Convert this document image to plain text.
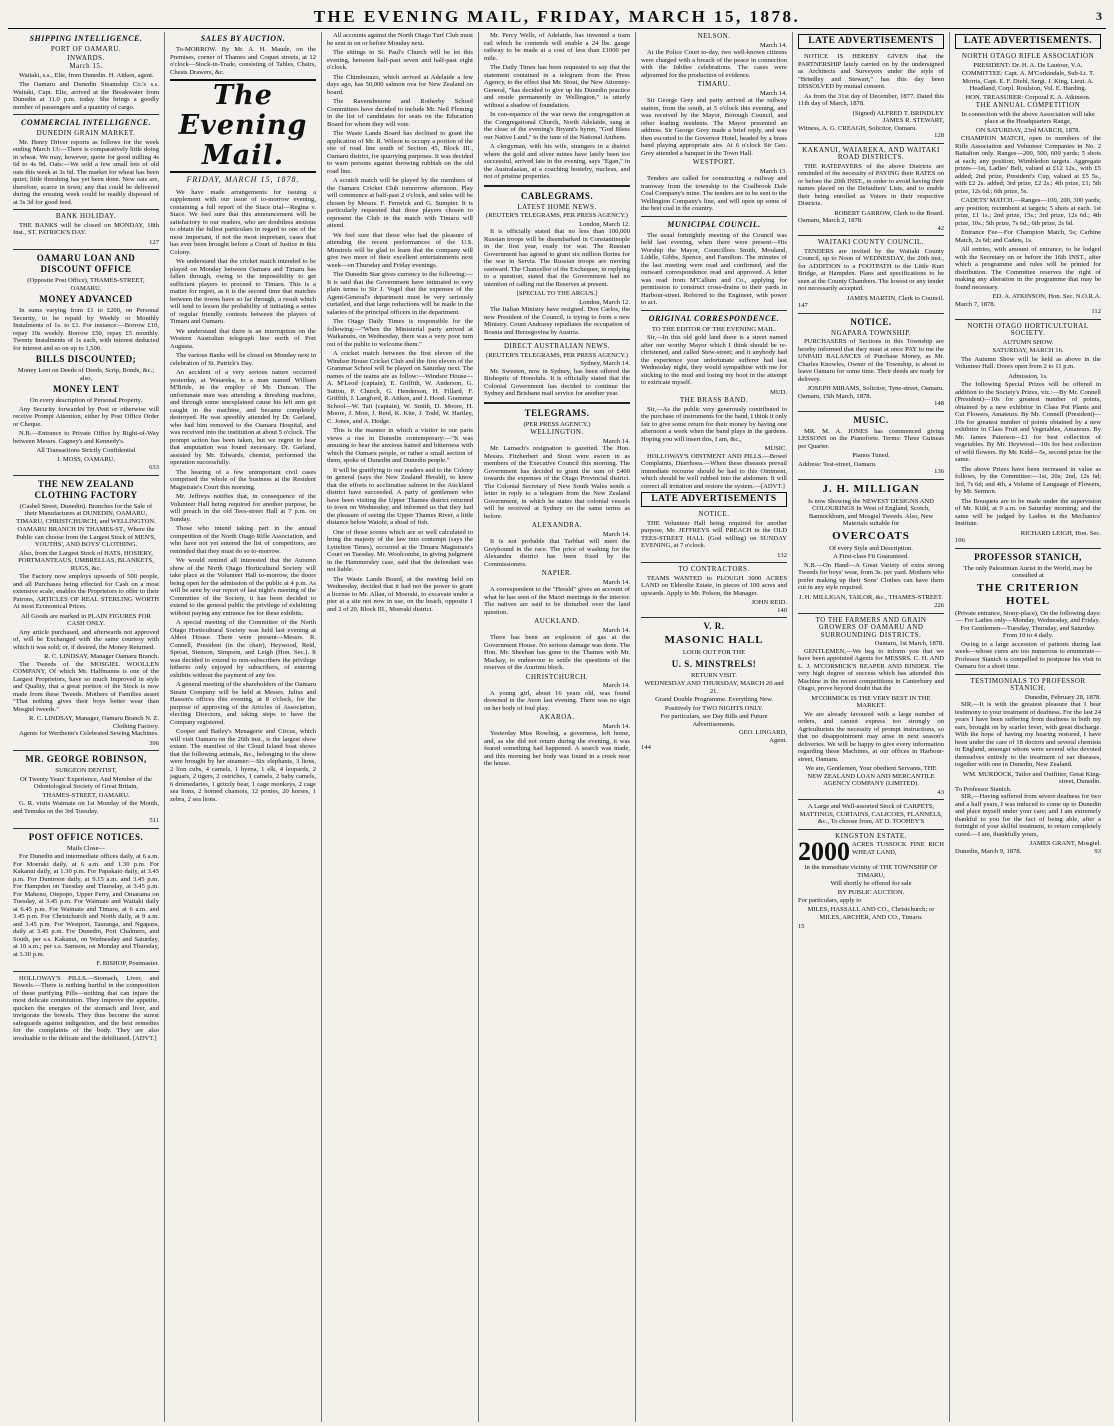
THE EVENING MAIL, FRIDAY, MARCH 15, 1878.	3
SHIPPING INTELLIGENCE.
PORT OF OAMARU.
INWARDS.
March 15.

Waitaki, s.s., Elie, from Dunedin. H. Aitken, agent.

The Oamaru and Dunedin Steamship Co.'s s.s. Waitaki, Capt. Elie, arrived at the Breakwater from Dunedin at 11.0 p.m. today. She brings a goodly number of passengers and a quantity of cargo.

COMMERCIAL INTELLIGENCE.
DUNEDIN GRAIN MARKET.

Mr. Henry Driver reports as follows for the week ending March 13:—There is comparatively little doing in wheat. We may, however, quote for good milling 4s 6d to 4s 9d. Oats:—We sold a few small lots of old oats this week at 3s 6d. The market for wheat has been quiet; little threshing has yet been done. New oats are, therefore, scarce in town; any that could be delivered during the ensuing week could be readily disposed of at 3s 3d for good feed.

BANK HOLIDAY.

THE BANKS will be closed on MONDAY, 18th Inst., ST. PATRICK'S DAY.

127
OAMARU LOAN AND DISCOUNT OFFICE
(Opposite Post Office), THAMES-STREET, OAMARU.
MONEY ADVANCED

In sums varying from £1 to £200, on Personal Security, to be repaid by Weekly or Monthly Instalments of 1s. to £1. For instance:—Borrow £10, repay 10s weekly. Borrow £50, repay £5 monthly. Twenty Instalments of 1s each, with interest deducted for interest and so on up to 1,500.

BILLS DISCOUNTED;
Money Lent on Deeds of Deeds, Scrip, Bonds, &c.; also,
MONEY LENT
On every description of Personal Property.

Any Security forwarded by Post or otherwise will receive Prompt Attention, either by Post Office Order or Cheque.

N.B.—Entrance to Private Office by Right-of-Way between Messrs. Cagney's and Kennedy's.

All Transactions Strictly Confidential
J. MOSS, OAMARU.
633
THE NEW ZEALAND CLOTHING FACTORY
(Cashel Street, Dunedin). Branches for the Sale of their Manufactures at DUNEDIN, OAMARU, TIMARU, CHRISTCHURCH, and WELLINGTON.
OAMARU BRANCH IN THAMES-ST., Where the Public can choose from the Largest Stock of MEN'S, YOUTHS', AND BOYS' CLOTHING.
Also, from the Largest Stock of HATS, HOSIERY, PORTMANTEAUS, UMBRELLAS, BLANKETS, RUGS, &c.

The Factory now employs upwards of 500 people, and all Purchases being effected for Cash on a most extensive scale, enables the Proprietors to offer to their Patrons, ARTICLES OF REAL STERLING WORTH At most Economical Prices.

All Goods are marked in PLAIN FIGURES FOR CASH ONLY.

Any article purchased, and afterwards not approved of, will be Exchanged with the same courtesy with which it was sold; or, if desired, the Money Returned.

R. C. LINDSAY, Manager Oamaru Branch.

The Tweeds of the MOSGIEL WOOLLEN COMPANY, Of which Mr. Halfmanns is one of the Largest Proprietors, have so much Improved in style and Quality, that a great portion of the Stock is now made from these Tweeds. Mothers of Families assert "That nothing gives their boys better wear than Mosgiel tweeds."

R. C. LINDSAY, Manager, Oamaru Branch N. Z. Clothing Factory.

Agents for Wertheim's Celebrated Sewing Machines.

396
MR. GEORGE ROBINSON,
SURGEON DENTIST,
Of Twenty Years' Experience, And Member of the Odontological Society of Great Britain,
THAMES-STREET, OAMARU.

G. R. visits Waimate on 1st Monday of the Month, and Temuka on the 3rd Tuesday.

511
POST OFFICE NOTICES.
Mails Close—

For Dunedin and intermediate offices daily, at 6 a.m. For Moeraki daily, at 6 a.m. and 1.30 p.m. For Kakanui daily, at 1.30 p.m. For Papakaio daily, at 3.45 p.m. For Duntroon daily, at 9.15 a.m. and 3.45 p.m. For Hampden on Tuesday and Thursday, at 3.45 p.m. For Maheno, Otepopo, Upper Ferry, and Omarama on Tuesday, at 3.45 p.m. For Waimate and Waitaki daily at 6.45 p.m. For Waimate and Timaru, at 6 a.m. and 3.45 p.m. For Christchurch and North daily, at 9 a.m. and 3.45 p.m. For Westport, Tauranga, and Ngapara, daily at 3.45 p.m. For Dunedin, Port Chalmers, and South, per s.s. Kakanui, on Wednesday and Saturday, at 10 a.m.; per s.s. Samson, on Monday and Thursday, at 3.30 p.m.

F. BISHOP, Postmaster.

HOLLOWAY'S PILLS.—Stomach, Liver, and Bowels.—There is nothing hurtful in the composition of these purifying Pills—nothing that can injure the most delicate constitution. They improve the appetite, quicken the energies of the stomach and liver, and invigorate the bowels. They thus become the surest safeguards against indigestion, and the best remedies for the complaints of the body. They are also invaluable to the delicate and the debilitated. [ADVT.]

SALES BY AUCTION.

To-MORROW. By Mr. A. H. Maude, on the Premises, corner of Thames and Coquet streets, at 12 o'clock—Stock-in-Trade, consisting of Tables, Chairs, Chests Drawers, &c.

The Evening Mail.
FRIDAY, MARCH 15, 1878.

We have made arrangements for issuing a supplement with our issue of to-morrow evening, containing a full report of the Stace trial—Regina v. Stace. We feel sure that this announcement will be satisfactory to our readers, who are doubtless anxious to obtain the fullest particulars in regard to one of the most important, if not the most important, cases that has ever been brought before a Court of Justice in this Colony.

We understand that the cricket match intended to be played on Monday between Oamaru and Timaru has fallen through, owing to the impossibility to get sufficient players to proceed to Timaru. This is a matter for regret, as it is the second time that matches between the towns have so far through, a result which will tend to lessen the probability of initiating a series of regular friendly contests between the players of Timaru and Oamaru.

We understand that there is an interruption on the Western Australian telegraph line north of Port Augusta.

The various Banks will be closed on Monday next in celebration of St. Patrick's Day.

An accident of a very serious nature occurred yesterday, at Waiareka, to a man named William M'Bride, in the employ of Mr. Duncan. The unfortunate man was attending a threshing machine, and through some unexplained cause his left arm got caught in the machine, and became completely destroyed. He was speedily attended by Dr. Garland, who had him removed to the Oamaru Hospital, and was received into the institution at about 5 o'clock. The prompt action has been taken, but we regret to hear that amputation was found necessary. Dr. Garland, assisted by Mr. Edwards, chemist, performed the operation successfully.

The hearing of a few unimportant civil cases comprised the whole of the business at the Resident Magistrate's Court this morning.

Mr. Jeffreys notifies that, in consequence of the Volunteer Hall being required for another purpose, he will preach in the old Tees-street Hall at 7 p.m. on Sunday.

Those who intend taking part in the annual competition of the North Otago Rifle Association, and who have not yet entered the list of competitors, are reminded that they must do so to-morrow.

We would remind all interested that the Autumn show of the North Otago Horticultural Society will take place at the Volunteer Hall to-morrow, the doors being open for the admission of the public at 4 p.m. As will be seen by our report of last night's meeting of the Committee of the Society, it has been decided to extend to the general public the privilege of exhibiting without paying any entrance fee for these exhibits.

A special meeting of the Committee of the North Otago Horticultural Society was held last evening at Abbot House. There were present—Messrs. R. Connell, President (in the chair), Heywood, Reid, Sproat, Stenson, Simpson, and Leigh (Hon. Sec.). It was decided to extend to non-subscribers the privilege hitherto only enjoyed by subscribers, of entering exhibits without the payment of any fee.

A general meeting of the shareholders of the Oamaru Steam Company will be held at Messrs. Julius and Hassen's offices this evening, at 8 o'clock, for the purpose of approving of the Articles of Association, electing Directors, and taking steps to have the Company registered.

Cooper and Bailey's Menagerie and Circus, which will visit Oamaru on the 26th inst., is the largest show extant. The manifest of the Cloud Island boat shows that the following animals, &c., belonging to the show were brought by her steamer:—Six elephants, 3 lions, 2 lion cubs, 4 camels, 1 hyena, 1 elk, 4 leopards, 2 jaguars, 2 tigers, 2 ostriches, 1 camels, 2 baby camels, 6 dromedaries, 1 grizzly bear, 1 cage monkeys, 2 cage sea lions, 2 horned chamois, 12 ponies, 20 horses, 1 zebra, 2 sea lions.

All accounts against the North Otago Turf Club must be sent in on or before Monday next.

The sittings in St. Paul's Church will be let this evening, between half-past seven and half-past eight o'clock.

The Chimborazo, which arrived at Adelaide a few days ago, has 50,000 salmon ova for New Zealand on board.

The Ravensbourne and Rotherby School Committees have decided to include Mr. Neil Fleming in the list of candidates for seats on the Education Board for whom they will vote.

The Waste Lands Board has declined to grant the application of Mr. R. Wilson to occupy a portion of the site of road line south of Section 45, Block III., Oamaru district, for quarrying purposes. It was decided to warn persons against throwing rubbish on the old road line.

A scratch match will be played by the members of the Oamaru Cricket Club tomorrow afternoon. Play will commence at half-past 2 o'clock, and sides will be chosen by Messrs. F. Fenwick and G. Sumpter. It is particularly requested that those players chosen to represent the Club in the match with Timaru will attend.

We feel sure that those who had the pleasure of attending the recent performances of the U.S. Minstrels will be glad to learn that the company will give two more of their excellent entertainments next week—on Thursday and Friday evenings.

The Dunedin Star gives currency to the following:—It is said that the Government have intimated to very plain terms to Sir J. Vogel that the expenses of the Agent-General's department must be very seriously curtailed, and that large reductions will be made in the salaries of the principal officers in the department.

The Otago Daily Times is responsible for the following:—"When the Ministerial party arrived at Waikanutu, on Wednesday, there was a very poor turn out of the public to welcome them."

A cricket match between the first eleven of the Windsor House Cricket Club and the first eleven of the Grammar School will be played on Saturday next. The names of the teams are as follow:—Windsor House—A. M'Leod (captain), E. Griffith, W. Anderson, G. Sutton, P. Church, G. Henderson, H. Fillard, F. Griffith, J. Langford, R. Aitken, and J. Hood. Grammar School—W. Tait (captain), W. Smith, D. Moore, H. Moore, J. Moir, J. Reid, K. Kite, J. Todd, W. Hartley, C. Jones, and A. Hodge.

This is the manner in which a visitor to our parts views a rise in Dunedin contemporary:—"It was amusing to hear the anxious hatred and bitterness with which the Oamaru people, or rather a small section of them, spoke of Dunedin and Dunedin people."

It will be gratifying to our readers and to the Colony in general (says the New Zealand Herald), to know that the efforts to acclimatise salmon in the Auckland district have succeeded. A party of gentlemen who have been visiting the Upper Thames district returned to town on Wednesday, and informed us that they had the pleasure of seeing the Upper Thames River, a little distance below Waiohi, a shoal of fish.

One of those scenes which are so well calculated to bring the majesty of the law into contempt (says the Lyttelton Times), occurred at the Timaru Magistrate's Court on Tuesday. Mr. Woolcombe, in giving judgment in the Hammersley case, said that the defendant was not liable.

The Waste Lands Board, at the meeting held on Wednesday, decided that it had not the power to grant a license to Mr. Allan, of Moeraki, to excavate under a pier at a site not now in use, on the beach, opposite 1 and 2 of 20, Block III., Moeraki district.

Mr. Percy Wells, of Adelaide, has invented a tram rail which he contends will enable a 24 lbs. gauge railway to be made at a cost of less than £1000 per mile.

The Daily Times has been requested to say that the statement contained in a telegram from the Press Agency, to the effect that Mr. Stout, the New Attorney-General, "has decided to give up his Dunedin practice and reside permanently in Wellington," is utterly without a shadow of foundation.

In con-equence of the war news the congregation at the Congregational Church, North Adelaide, sang at the close of the evening's Bryant's hymn, "God Bless our Native Land," to the tune of the National Anthem.

A clergyman, with his wife, strangers in a district where the gold and silver mines have lately been too successful, arrived late in the evening, says "Egan," in the Australasian, at a coaching hostelry, nucleus, and not of pristine properties.

CABLEGRAMS.
LATEST HOME NEWS.
(REUTER'S TELEGRAMS, PER PRESS AGENCY.)
London, March 12.

It is officially stated that no less than 100,000 Russian troops will be disembarked in Constantinople in the first year, ready for war. The Russian Government has agreed to grant six million florins for the war in Servia. The Russian troops are moving eastward. The Chancellor of the Exchequer, in replying to a question, stated that the Government had no intention of calling out the Reserves at present.

[SPECIAL TO THE ARGUS.]
London, March 12.

The Italian Ministry have resigned. Don Carlos, the new President of the Council, is trying to form a new Ministry. Count Andrassy repudiates the occupation of Bosnia and Herzegovina by Austria.

DIRECT AUSTRALIAN NEWS.
(REUTER'S TELEGRAMS, PER PRESS AGENCY.)
Sydney, March 14.

Mr. Sweeten, now in Sydney, has been offered the Bishopric of Honolulu. It is officially stated that the Colonial Government has decided to continue the Sydney and Brisbane mail service for another year.

TELEGRAMS.
(PER PRESS AGENCY.)
WELLINGTON.
March 14.

Mr. Larnach's resignation is gazetted. The Hon. Messrs. Fitzherbert and Stout were sworn in as members of the Executive Council this morning. The Government has decided to grant the sum of £400 towards the expenses of the Otago Provincial district. The Colonial Secretary of New South Wales sends a letter in reply to a telegram from the New Zealand Government, in which he states that colonial vessels will be received at Sydney on the same terms as before.

ALEXANDRA.
March 14.

It is not probable that Tarbhat will meet the Greyhound in the race. The price of washing for the Alexandra district has been fixed by the Commissioners.

NAPIER.
March 14.

A correspondent to the "Herald" gives an account of what he has seen of the Maori meetings in the interior. The natives are said to be disturbed over the land question.

AUCKLAND.
March 14.

There has been an explosion of gas at the Government House. No serious damage was done. The Hon. Mr. Sheehan has gone to the Thames with Mr. Mackay, to endeavour to settle the questions of the reserves of the Ararimu block.

CHRISTCHURCH.
March 14.

A young girl, about 16 years old, was found drowned in the Avon last evening. There was no sign on her body of foul play.

AKAROA.
March 14.

Yesterday Miss Rowling, a governess, left home, and, as she did not return during the evening, it was feared something had happened. A search was made, and this morning her body was found in a creek near the house.

NELSON.
March 14.

At the Police Court to-day, two well-known citizens were charged with a breach of the peace in connection with the Jubilee celebrations. The cases were adjourned for the production of evidence.

TIMARU.
March 14.

Sir George Grey and party arrived at the railway station, from the south, at 5 o'clock this evening, and was received by the Mayor, Borough Council, and other leading residents. The Mayor presented an address. Sir George Grey made a brief reply, and was then escorted to the Governor Hotel, headed by a brass band playing appropriate airs. At 6 o'clock Sir Geo. Grey attended a banquet in the Town Hall.

WESTPORT.
March 13.

Tenders are called for constructing a railway and tramway from the township to the Coalbrook Dale Coal Company's mine. The tenders are to be sent to the Wellington Company's line, and will open up some of the best coal in the country.

MUNICIPAL COUNCIL.

The usual fortnightly meeting of the Council was held last evening, when there were present—His Worship the Mayor, Councillors Smith, Mouland, Liddle, Gibbs, Spence, and Familton. The minutes of the last meeting were read and confirmed, and the outward correspondence read and approved. A letter was read from M'Callum and Co., applying for permission to construct cross-drains to their yards in Harbour-street. Referred to the Engineer, with power to act.

ORIGINAL CORRESPONDENCE.
TO THE EDITOR OF THE EVENING MAIL.

Sir,—In this old gold land there is a street named after our worthy Mayor which I think should be re-christened, and called Stew-street; and it anybody had the experience your unfortunate sufferer had last Wednesday night, they would sympathise with me for sticking to the mud and losing my boot in the attempt to extricate myself.

MUD.
THE BRASS BAND.

Sir,—As the public very generously contributed to the purchase of instruments for the band, I think it only fair to give some return for their money by having one afternoon a week when the band plays in the gardens. Hoping you will insert this, I am, &c.,

MUSIC.

HOLLOWAY'S OINTMENT AND PILLS.—Bowel Complaints, Diarrhoea.—When these diseases prevail immediate recourse should be had to this Ointment, which should be well rubbed into the abdomen. It will correct all irritation and restore the system.—[ADVT.]

LATE ADVERTISEMENTS
NOTICE.

THE Volunteer Hall being required for another purpose, Mr. JEFFREYS will PREACH in the OLD TEES-STREET HALL (God willing) on SUNDAY EVENING, at 7 o'clock.

132
TO CONTRACTORS.

TEAMS WANTED to PLOUGH 3000 ACRES LAND on Elderslie Estate, in pieces of 100 acres and upwards. Apply to Mr. Polson, the Manager.

JOHN REID.
140
V. R.
MASONIC HALL
LOOK OUT FOR THE
U. S. MINSTRELS!
RETURN VISIT.
WEDNESDAY AND THURSDAY, MARCH 20 and 21.
Grand Double Programme. Everything New.
Positively for TWO NIGHTS ONLY.
For particulars, see Day Bills and Future Advertisements.
GEO. LINGARD,
Agent.
144
LATE ADVERTISEMENTS

NOTICE IS HEREBY GIVEN that the PARTNERSHIP lately carried on by the undersigned as Architects and Surveyors under the style of "Brindley and Stewart," has this day been DISSOLVED by mutual consent.

As from the 31st day of December, 1877. Dated this 11th day of March, 1878.

(Signed) ALFRED T. BRINDLEY
JAMES R. STEWART,
Witness, A. G. CREAGH, Solicitor, Oamaru.
128
KAKANUI, WAIAREKA, AND WAITAKI ROAD DISTRICTS.

THE RATEPAYERS of the above Districts are reminded of the necessity of PAYING their RATES on or before the 20th INST., in order to avoid having their names placed on the Defaulters' Lists, and to enable their being enrolled as Voters in their respective Districts.

ROBERT GARROW, Clerk to the Board.
Oamaru, March 2, 1878.
42
WAITAKI COUNTY COUNCIL.

TENDERS are invited by the Waitaki County Council, up to Noon of WEDNESDAY, the 20th inst., for ADDITION to a FOOTPATH to the Little Kuri Bridge, at Hampden. Plans and specifications to be seen at the County Chambers. The lowest or any tender not necessarily accepted.

JAMES MARTIN, Clerk to Council.
147
NOTICE.
NGAPARA TOWNSHIP.

PURCHASERS of Sections in this Township are hereby informed that they must at once PAY to me the UNPAID BALANCES of Purchase Money, as Mr. Charles Knowles, Owner of the Township, is about to leave Oamaru for some time. Their deeds are ready for delivery.

JOSEPH MIRAMS, Solicitor, Tyne-street, Oamaru.
Oamaru, 15th March, 1878.
148
MUSIC.

MR. M. A. JONES has commenced giving LESSONS on the Pianoforte. Terms: Three Guineas per Quarter.

Pianos Tuned.
Address: Test-street, Oamaru.
136
J. H. MILLIGAN
Is now Showing the NEWEST DESIGNS AND COLOURINGS In West of England, Scotch, Bannockburn, and Mosgiel Tweeds. Also, New Materials suitable for
OVERCOATS
Of every Style and Description.
A First-class Fit Guaranteed.

N.B.—On Hand—A Great Variety of extra strong Tweeds for boys' wear, from 3s. per yard. Mothers who prefer making up their Sons' Clothes can have them cut in any style required.

J. H. MILLIGAN, TAILOR, &c., THAMES-STREET.
226
TO THE FARMERS AND GRAIN GROWERS OF OAMARU AND SURROUNDING DISTRICTS.
Oamaru, 1st March, 1878.

GENTLEMEN,—We beg to inform you that we have been appointed Agents for MESSRS. C. H. AND L. J. M'CORMICK'S REAPER AND BINDER. The very high degree of success which has attended this Machine in the recent competitions in Canterbury and Otago, prove beyond doubt that the

M'CORMICK IS THE VERY BEST IN THE MARKET.

We are already favoured with a large number of orders, and cannot express too strongly on Agriculturists the necessity of prompt instructions, so that no disappointment may arise in next season's deliveries. We will be happy to give every information regarding these Machines, at our offices in Harbour-street, Oamaru.

We are, Gentlemen, Your obedient Servants, THE NEW ZEALAND LOAN AND MERCANTILE AGENCY COMPANY (LIMITED).
43
A Large and Well-assorted Stock of CARPETS, MATTINGS, CURTAINS, CALICOES, FLANNELS, &c., To choose from, AT D. TOOHEY'S
KINGSTON ESTATE.
2000 ACRES TUSSOCK FINE RICH WHEAT LAND,
In the immediate vicinity of THE TOWNSHIP OF TIMARU,
Will shortly be offered for sale
BY PUBLIC AUCTION.
For particulars, apply to
MILES, HASSALL AND CO., Christchurch; or
MILES, ARCHER, AND CO., Timaru.
15
LATE ADVERTISEMENTS.
NORTH OTAGO RIFLE ASSOCIATION
PRESIDENT: Dr. H. A. De Lautour, V.A.
COMMITTEE: Capt. A. M'Corkindale, Sub-Lt. T. Morris, Capt. E. F. Diehl, Sergt. J. King, Lieut. A. Headland, Corpl. Roulston, Vol. E. Harding.
HON. TREASURER: Corporal E. A. Atkinson.
THE ANNUAL COMPETITION
In connection with the above Association will take place at the Headquarters Range,
ON SATURDAY, 23rd MARCH, 1878.

CHAMPION MATCH, open to members of the Rifle Association and Volunteer Companies in No. 2 Battalion only. Ranges—200, 500, 600 yards; 5 shots at each; any position; Wimbledon targets. Aggregate prizes—1st, Ladies' Belt, valued at £12 12s., with £5 added; 2nd prize, President's Cup, valued at £5 5s., with £2 2s. added; 3rd prize, £2 2s.; 4th prize, £1; 5th prize, 12s 6d.; 6th prize, 5s.

CADETS' MATCH.—Ranges—100, 200, 300 yards; any position; recumbent at targets; 5 shots at each. 1st prize, £1 1s.; 2nd prize, 15s.; 3rd prize, 12s 6d.; 4th prize, 10s.; 5th prize, 7s 6d.; 6th prize, 2s 6d.

Entrance Fee—For Champion Match, 5s; Carbine Match, 2s 6d; and Cadets, 1s.

All entries, with amount of entrance, to be lodged with the Secretary on or before the 16th INST., after which a programme and rules will be printed for distribution. The Committee reserves the right of making any alteration in the programme that may be found necessary.

ED. A. ATKINSON, Hon. Sec. N.O.R.A.
March 7, 1878.
112
NORTH OTAGO HORTICULTURAL SOCIETY.
AUTUMN SHOW.
SATURDAY, MARCH 16.

The Autumn Show will be held as above in the Volunteer Hall. Doors open from 2 to 11 p.m.

Admission, 1s.

The following Special Prizes will be offered in addition to the Society's Prizes, viz.:—By Mr. Connell (President)—10s for greatest number of points, obtained by a new exhibitor in Class Pot Plants and Cut Flowers, Amateurs. By Mr. Connell (President)—10s for greatest number of points obtained by a new exhibitor in Class Fruit and Vegetables, Amateurs. By Mr. James Paterson—£1 for best collection of vegetables. By Mr. Heywood—10s for best collection of wild flowers. By Mr. Kidd—5s, second prize for the same.

The above Prizes have been increased in value as follows, by the Committee:—1st, 20s; 2nd, 12s 6d; 3rd, 7s 6d; and 4th, a Volume of Language of Flowers, by Mr. Sermon.

The Bouquets are to be made under the supervision of Mr. Kidd, at 9 a.m. on Saturday morning; and the same will be judged by Ladies in the Mechanics' Institute.

RICHARD LEIGH, Hon. Sec.
106
PROFESSOR STANICH,
The only Palestinian Aurist in the World, may be consulted at
THE CRITERION HOTEL
(Private entrance, Stony-place), On the following days:— For Ladies only—Monday, Wednesday, and Friday. For Gentlemen—Tuesday, Thursday, and Saturday. From 10 to 4 daily.

Owing to a large accession of patients during last week—whose cures are too numerous to enumerate—Professor Stanich is compelled to postpone his visit to Oamaru for a short time.

TESTIMONIALS TO PROFESSOR STANICH.
Dunedin, February 28, 1878.

SIR,—It is with the greatest pleasure that I bear testimony to your treatment of deafness. For the last 24 years I have been suffering from deafness in both my ears, brought on by scarlet fever, with great discharge. With the hope of having my hearing restored, I have been under the care of 18 doctors and several chemists in England, amongst whom were several who devoted themselves entirely to the treatment of ear diseases, together with one in Dunedin, New Zealand.

WM. MURDOCK, Tailor and Outfitter, Great King-street, Dunedin.
To Professor Stanich.

SIR,—Having suffered from severe deafness for two and a half years, I was induced to come up to Dunedin and place myself under your care; and I am extremely thankful to you for the fact of being able, after a fortnight of your skilful treatment, to return completely cured.—I am, thankfully yours,

JAMES GRANT, Mosgiel.
Dunedin, March 9, 1878.	93
